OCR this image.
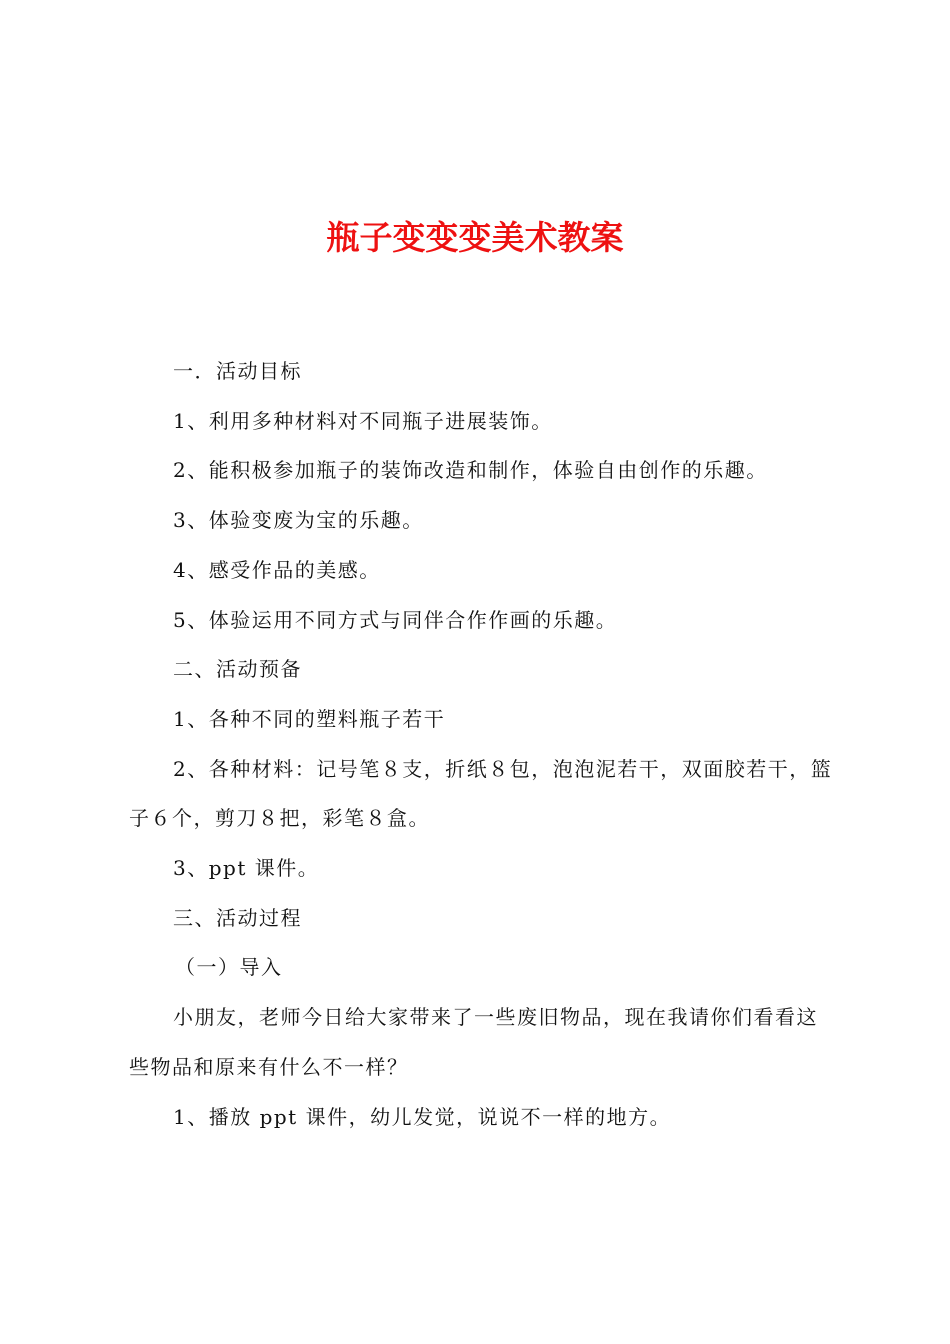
瓶子变变变美术教案

一．活动目标

1、利用多种材料对不同瓶子进展装饰。

2、能积极参加瓶子的装饰改造和制作，体验自由创作的乐趣。

3、体验变废为宝的乐趣。

4、感受作品的美感。

5、体验运用不同方式与同伴合作作画的乐趣。

二、活动预备

1、各种不同的塑料瓶子若干

2、各种材料：记号笔８支，折纸８包，泡泡泥若干，双面胶若干，篮子６个，剪刀８把，彩笔８盒。

3、ppt 课件。

三、活动过程

（一）导入

小朋友，老师今日给大家带来了一些废旧物品，现在我请你们看看这些物品和原来有什么不一样？

1、播放 ppt 课件，幼儿发觉，说说不一样的地方。
